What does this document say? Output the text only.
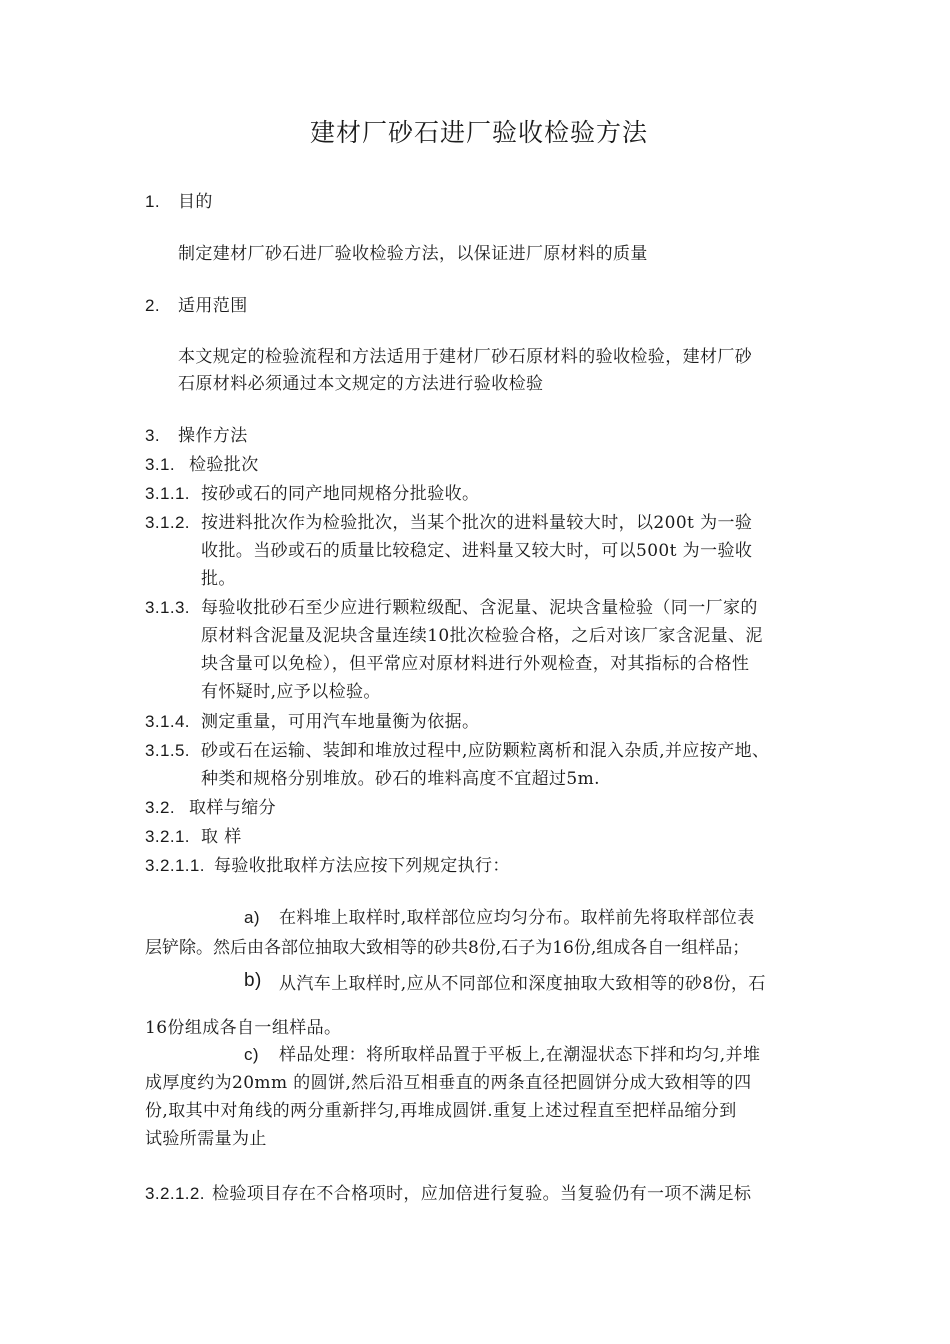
建材厂砂石进厂验收检验方法
1. 目的
制定建材厂砂石进厂验收检验方法，以保证进厂原材料的质量
2. 适用范围
本文规定的检验流程和方法适用于建材厂砂石原材料的验收检验，建材厂砂
石原材料必须通过本文规定的方法进行验收检验
3. 操作方法
3.1. 检验批次
3.1.1. 按砂或石的同产地同规格分批验收。
3.1.2. 按进料批次作为检验批次，当某个批次的进料量较大时，以200t 为一验
收批。当砂或石的质量比较稳定、进料量又较大时，可以500t 为一验收
批。
3.1.3. 每验收批砂石至少应进行颗粒级配、含泥量、泥块含量检验（同一厂家的
原材料含泥量及泥块含量连续10批次检验合格，之后对该厂家含泥量、泥
块含量可以免检），但平常应对原材料进行外观检查，对其指标的合格性
有怀疑时,应予以检验。
3.1.4. 测定重量，可用汽车地量衡为依据。
3.1.5. 砂或石在运输、装卸和堆放过程中,应防颗粒离析和混入杂质,并应按产地、
种类和规格分别堆放。砂石的堆料高度不宜超过5m.
3.2. 取样与缩分
3.2.1. 取 样
3.2.1.1. 每验收批取样方法应按下列规定执行：
a) 在料堆上取样时,取样部位应均匀分布。取样前先将取样部位表
层铲除。然后由各部位抽取大致相等的砂共8份,石子为16份,组成各自一组样品；
b) 从汽车上取样时,应从不同部位和深度抽取大致相等的砂8份，石
16份组成各自一组样品。
c) 样品处理：将所取样品置于平板上,在潮湿状态下拌和均匀,并堆
成厚度约为20mm 的圆饼,然后沿互相垂直的两条直径把圆饼分成大致相等的四
份,取其中对角线的两分重新拌匀,再堆成圆饼.重复上述过程直至把样品缩分到
试验所需量为止
3.2.1.2. 检验项目存在不合格项时，应加倍进行复验。当复验仍有一项不满足标
